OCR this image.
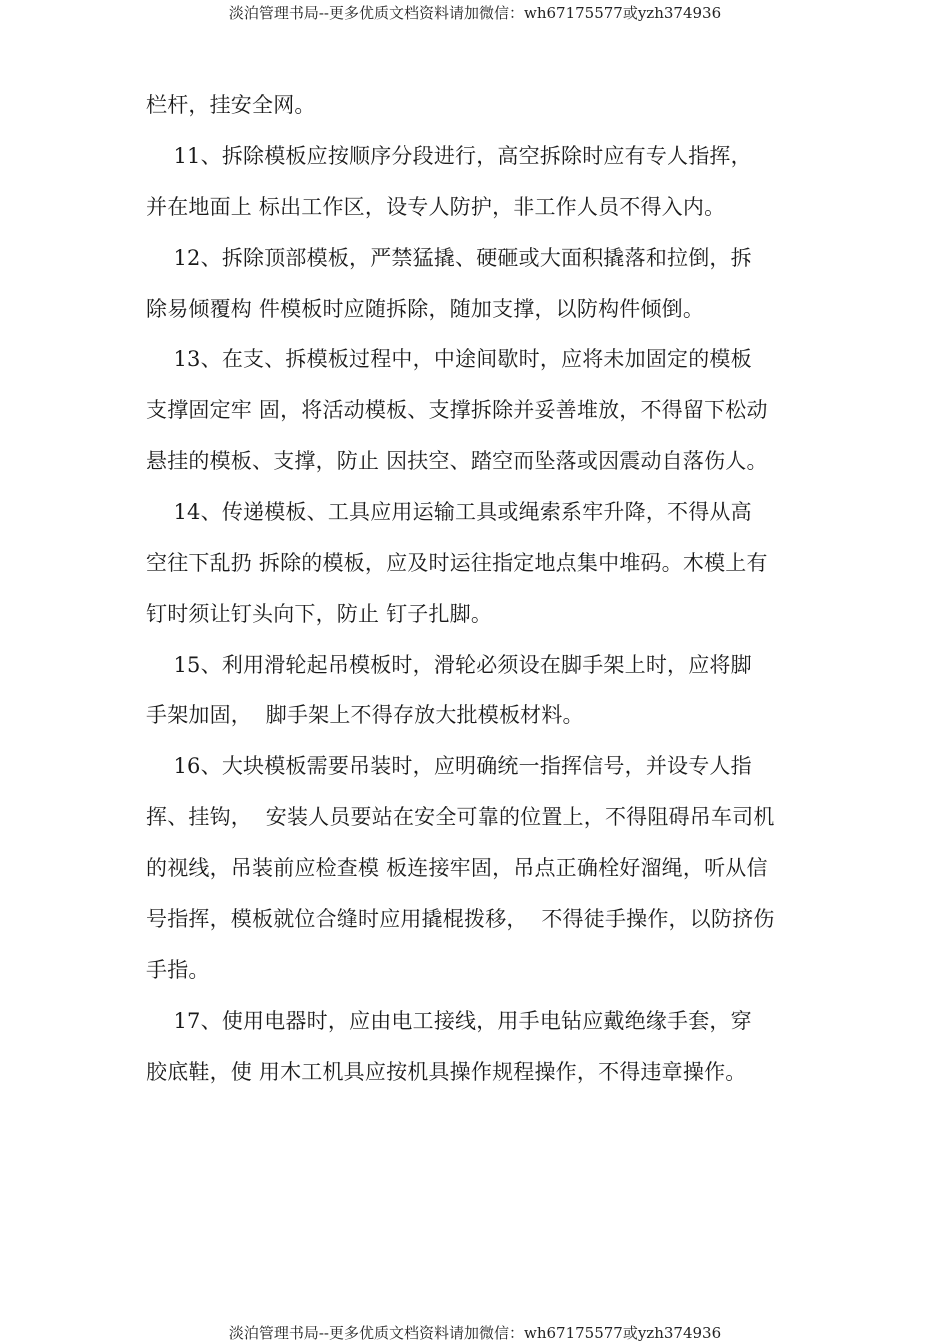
淡泊管理书局--更多优质文档资料请加微信：wh67175577或yzh374936
栏杆，挂安全网。
11、拆除模板应按顺序分段进行，高空拆除时应有专人指挥，
并在地面上 标出工作区，设专人防护，非工作人员不得入内。
12、拆除顶部模板，严禁猛撬、硬砸或大面积撬落和拉倒，拆
除易倾覆构 件模板时应随拆除，随加支撑，以防构件倾倒。
13、在支、拆模板过程中，中途间歇时，应将未加固定的模板
支撑固定牢 固，将活动模板、支撑拆除并妥善堆放，不得留下松动
悬挂的模板、支撑，防止 因扶空、踏空而坠落或因震动自落伤人。
14、传递模板、工具应用运输工具或绳索系牢升降，不得从高
空往下乱扔 拆除的模板，应及时运往指定地点集中堆码。木模上有
钉时须让钉头向下，防止 钉子扎脚。
15、利用滑轮起吊模板时，滑轮必须设在脚手架上时，应将脚
手架加固，  脚手架上不得存放大批模板材料。
16、大块模板需要吊装时，应明确统一指挥信号，并设专人指
挥、挂钩，  安装人员要站在安全可靠的位置上，不得阻碍吊车司机
的视线，吊装前应检查模 板连接牢固，吊点正确栓好溜绳，听从信
号指挥，模板就位合缝时应用撬棍拨移，  不得徒手操作，以防挤伤
手指。
17、使用电器时，应由电工接线，用手电钻应戴绝缘手套，穿
胶底鞋，使 用木工机具应按机具操作规程操作，不得违章操作。
淡泊管理书局--更多优质文档资料请加微信：wh67175577或yzh374936
